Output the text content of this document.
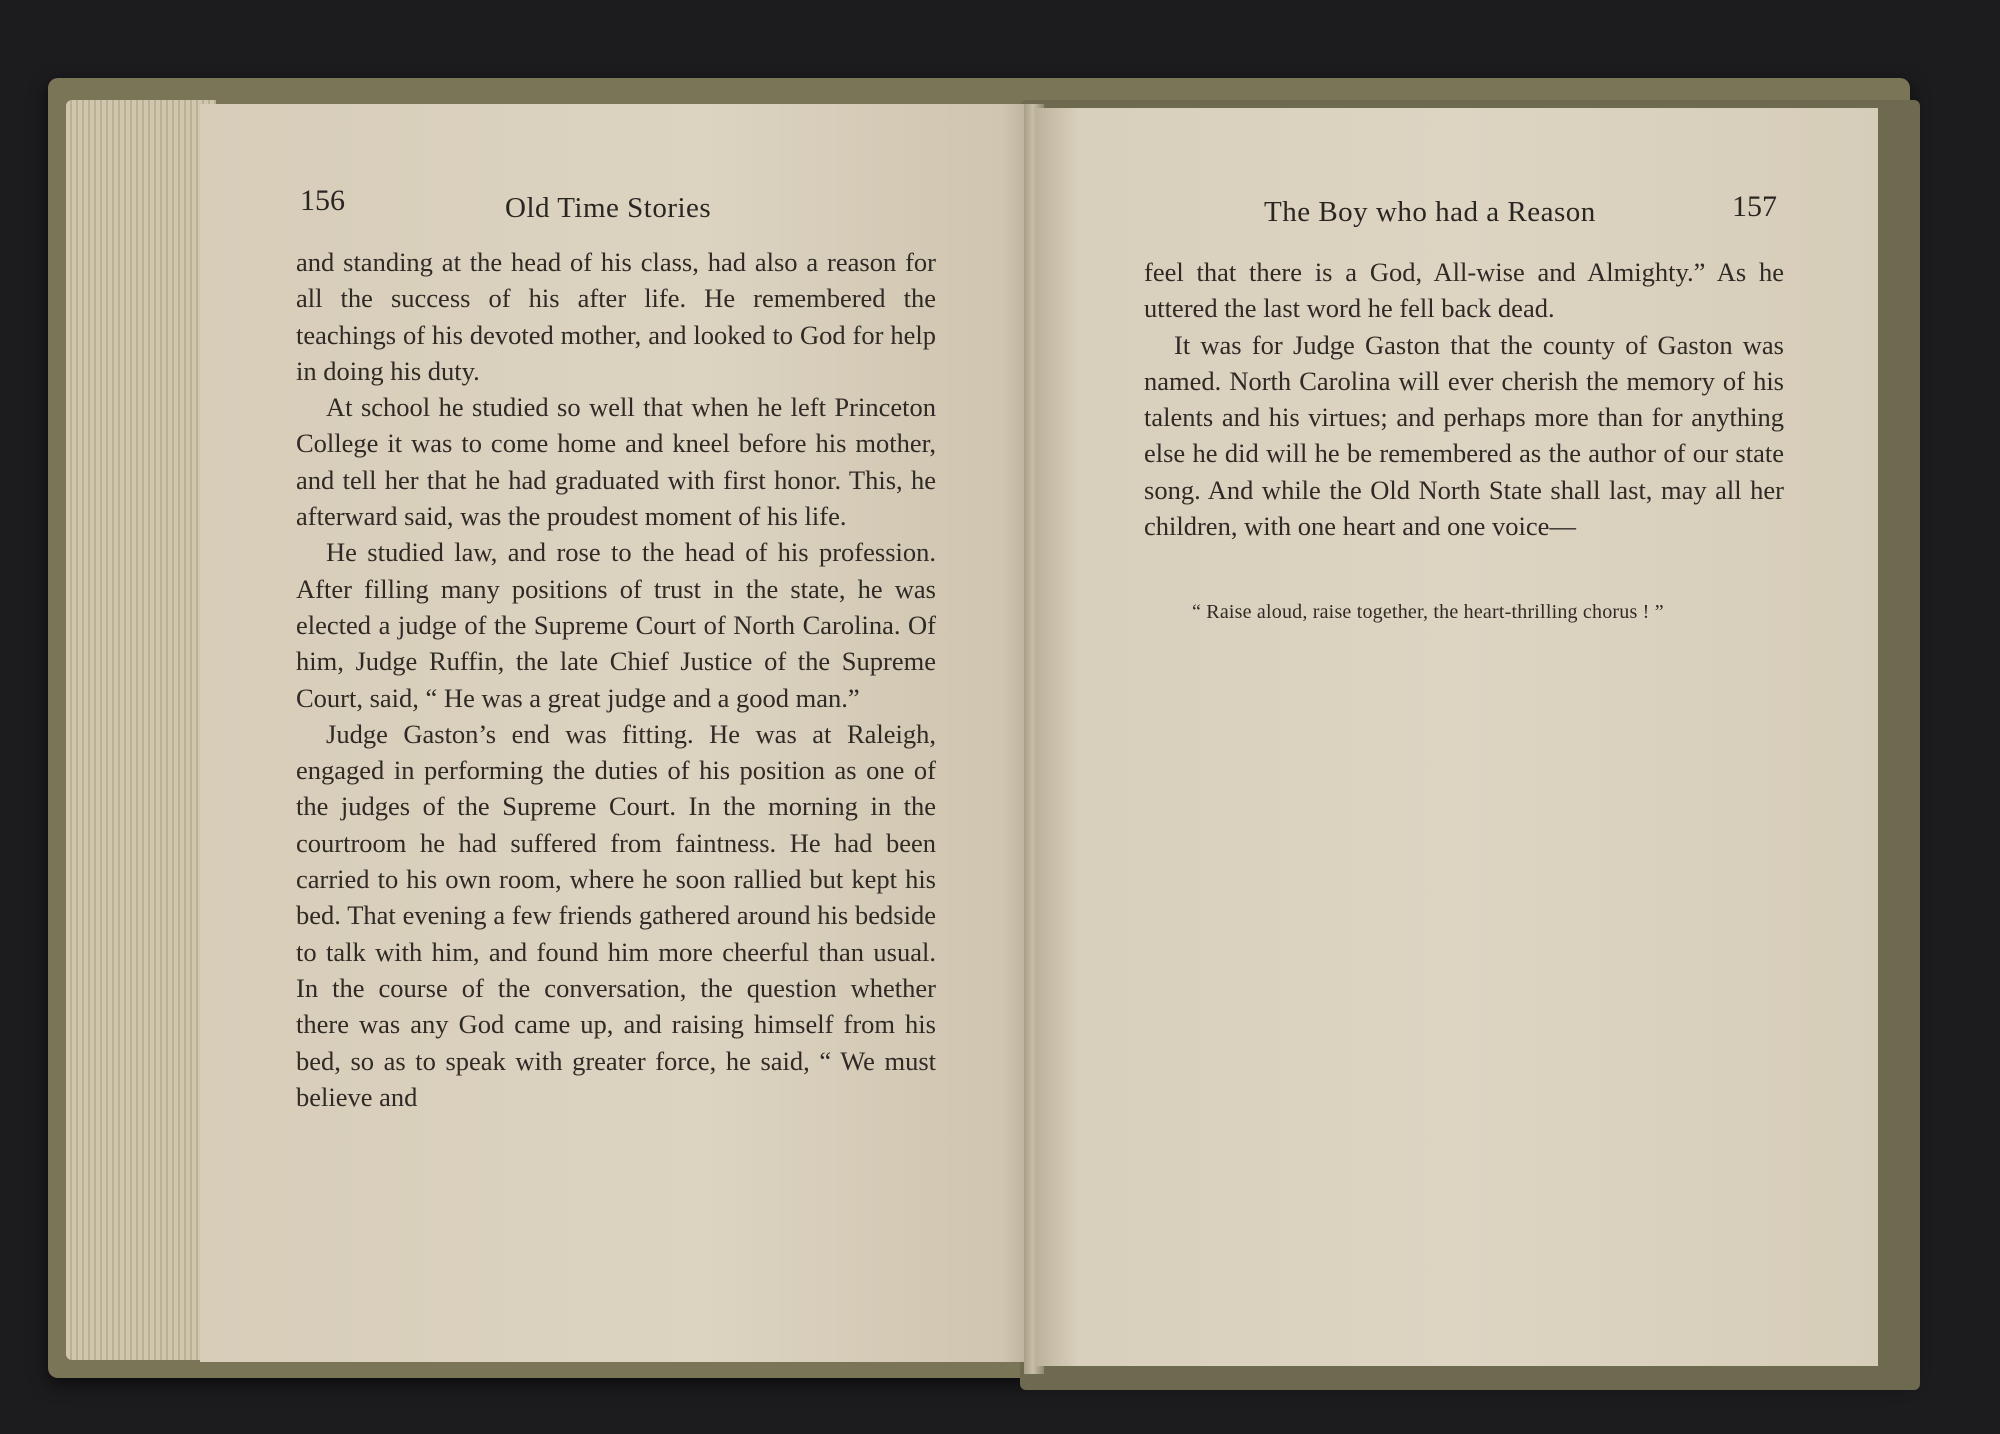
156	Old Time Stories

and standing at the head of his class, had also a reason for all the success of his after life. He remembered the teachings of his devoted mother, and looked to God for help in doing his duty.

At school he studied so well that when he left Princeton College it was to come home and kneel before his mother, and tell her that he had graduated with first honor. This, he afterward said, was the proudest moment of his life.

He studied law, and rose to the head of his profession. After filling many positions of trust in the state, he was elected a judge of the Supreme Court of North Carolina. Of him, Judge Ruffin, the late Chief Justice of the Supreme Court, said, “ He was a great judge and a good man.”

Judge Gaston’s end was fitting. He was at Raleigh, engaged in performing the duties of his position as one of the judges of the Supreme Court. In the morning in the courtroom he had suffered from faintness. He had been carried to his own room, where he soon rallied but kept his bed. That evening a few friends gathered around his bedside to talk with him, and found him more cheerful than usual. In the course of the conversation, the question whether there was any God came up, and raising himself from his bed, so as to speak with greater force, he said, “ We must believe and

The Boy who had a Reason	157

feel that there is a God, All-wise and Almighty.” As he uttered the last word he fell back dead.

It was for Judge Gaston that the county of Gaston was named. North Carolina will ever cherish the memory of his talents and his virtues; and perhaps more than for anything else he did will he be remembered as the author of our state song. And while the Old North State shall last, may all her children, with one heart and one voice—

“ Raise aloud, raise together, the heart-thrilling chorus ! ”
